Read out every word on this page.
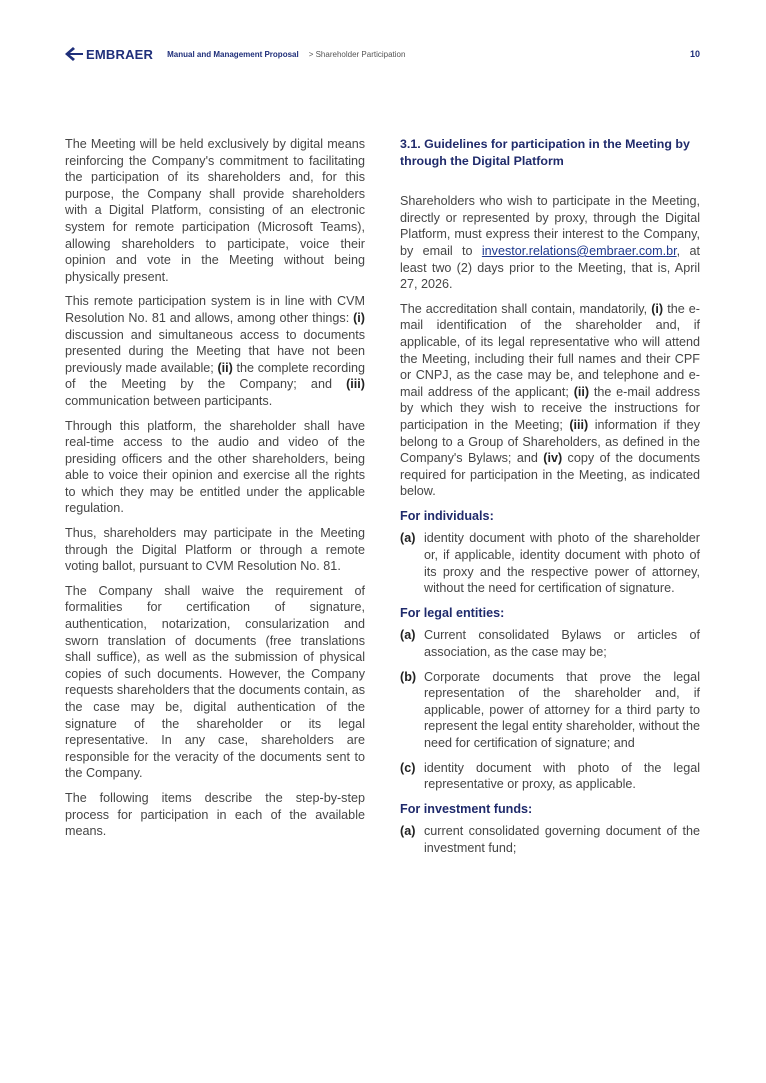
EMBRAER Manual and Management Proposal > Shareholder Participation	10

The Meeting will be held exclusively by digital means reinforcing the Company's commitment to facilitating the participation of its shareholders and, for this purpose, the Company shall provide shareholders with a Digital Platform, consisting of an electronic system for remote participation (Microsoft Teams), allowing shareholders to participate, voice their opinion and vote in the Meeting without being physically present.

This remote participation system is in line with CVM Resolution No. 81 and allows, among other things: (i) discussion and simultaneous access to documents presented during the Meeting that have not been previously made available; (ii) the complete recording of the Meeting by the Company; and (iii) communication between participants.

Through this platform, the shareholder shall have real-time access to the audio and video of the presiding officers and the other shareholders, being able to voice their opinion and exercise all the rights to which they may be entitled under the applicable regulation.

Thus, shareholders may participate in the Meeting through the Digital Platform or through a remote voting ballot, pursuant to CVM Resolution No. 81.

The Company shall waive the requirement of formalities for certification of signature, authentication, notarization, consularization and sworn translation of documents (free translations shall suffice), as well as the submission of physical copies of such documents. However, the Company requests shareholders that the documents contain, as the case may be, digital authentication of the signature of the shareholder or its legal representative. In any case, shareholders are responsible for the veracity of the documents sent to the Company.

The following items describe the step-by-step process for participation in each of the available means.

3.1. Guidelines for participation in the Meeting by through the Digital Platform

Shareholders who wish to participate in the Meeting, directly or represented by proxy, through the Digital Platform, must express their interest to the Company, by email to investor.relations@embraer.com.br, at least two (2) days prior to the Meeting, that is, April 27, 2026.

The accreditation shall contain, mandatorily, (i) the e-mail identification of the shareholder and, if applicable, of its legal representative who will attend the Meeting, including their full names and their CPF or CNPJ, as the case may be, and telephone and e-mail address of the applicant; (ii) the e-mail address by which they wish to receive the instructions for participation in the Meeting; (iii) information if they belong to a Group of Shareholders, as defined in the Company's Bylaws; and (iv) copy of the documents required for participation in the Meeting, as indicated below.

For individuals:
(a) identity document with photo of the shareholder or, if applicable, identity document with photo of its proxy and the respective power of attorney, without the need for certification of signature.
For legal entities:
(a) Current consolidated Bylaws or articles of association, as the case may be;
(b) Corporate documents that prove the legal representation of the shareholder and, if applicable, power of attorney for a third party to represent the legal entity shareholder, without the need for certification of signature; and
(c) identity document with photo of the legal representative or proxy, as applicable.
For investment funds:
(a) current consolidated governing document of the investment fund;
